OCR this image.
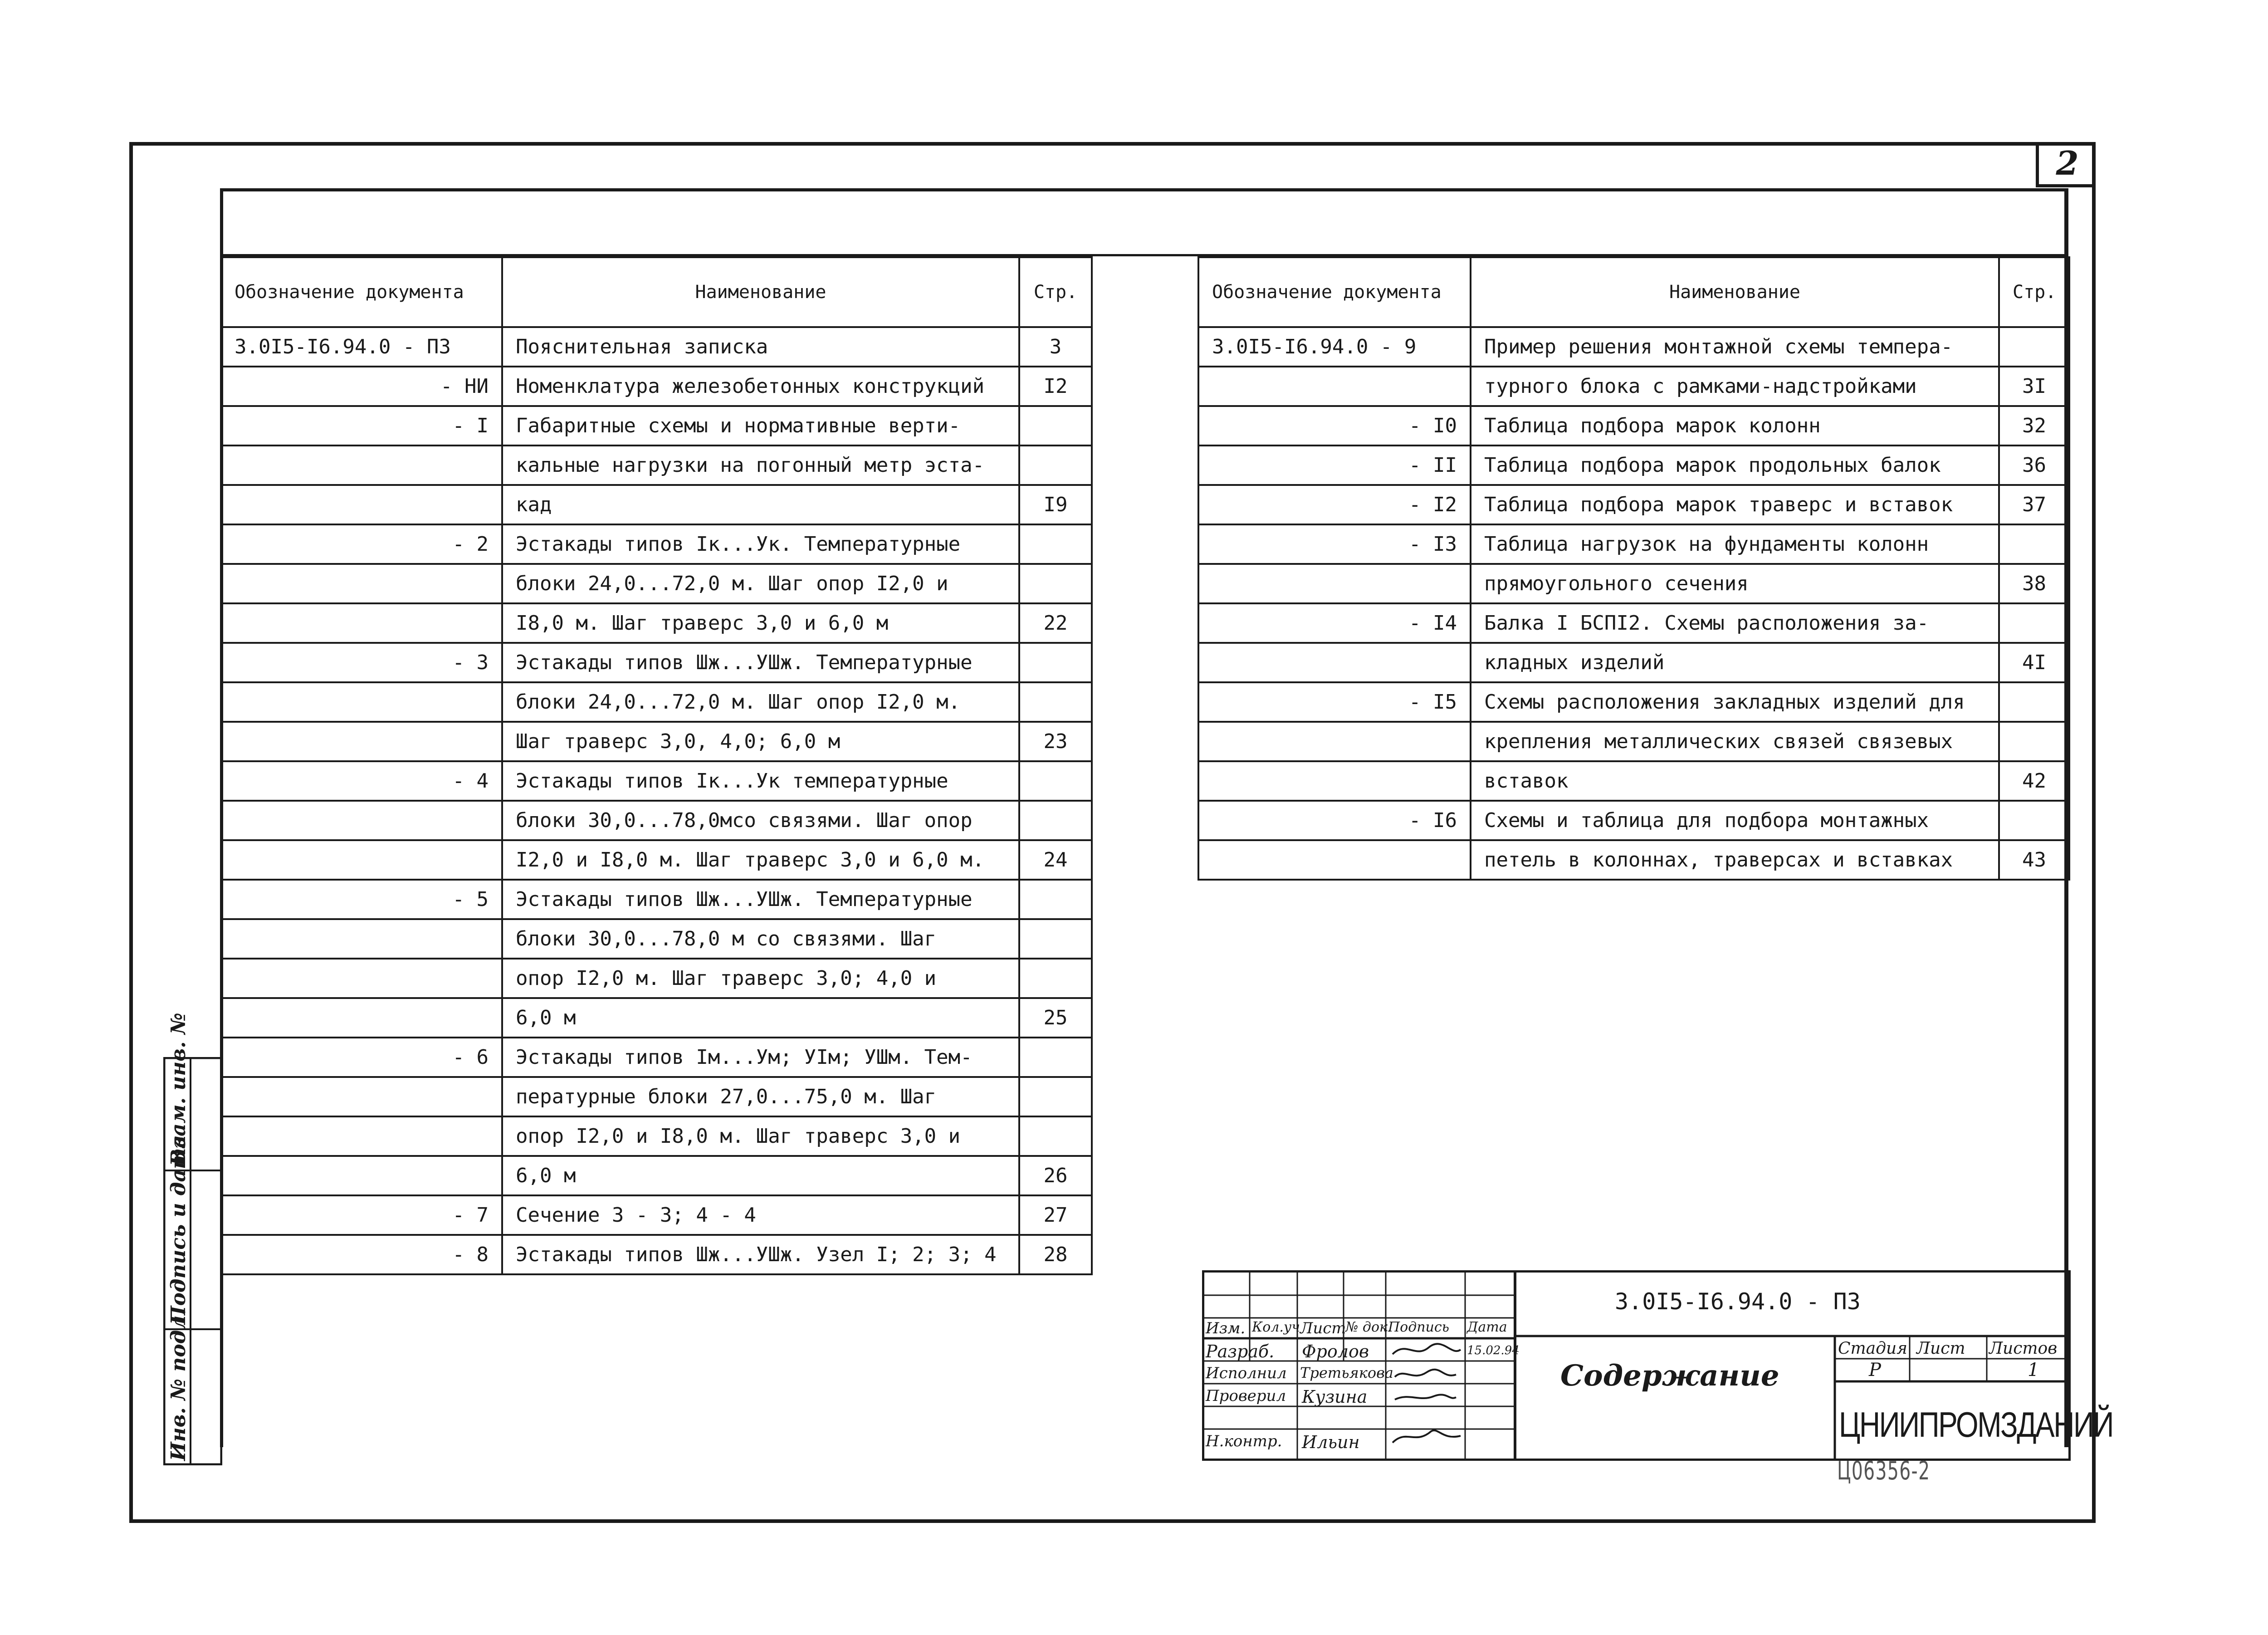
2
Обозначение документа	Наименование	Стр.
3.0I5-I6.94.0 - ПЗ	Пояснительная записка	3
- НИ	Номенклатура железобетонных конструкций	I2
- I	Габаритные схемы и нормативные верти-	
	кальные нагрузки на погонный метр эста-	
	кад	I9
- 2	Эстакады типов Iк...Ук. Температурные	
	блоки 24,0...72,0 м. Шаг опор I2,0 и	
	I8,0 м. Шаг траверс 3,0 и 6,0 м	22
- 3	Эстакады типов Шж...УШж. Температурные	
	блоки 24,0...72,0 м. Шаг опор I2,0 м.	
	Шаг траверс 3,0, 4,0; 6,0 м	23
- 4	Эстакады типов Iк...Ук температурные	
	блоки 30,0...78,0мсо связями. Шаг опор	
	I2,0 и I8,0 м. Шаг траверс 3,0 и 6,0 м.	24
- 5	Эстакады типов Шж...УШж. Температурные	
	блоки 30,0...78,0 м со связями. Шаг	
	опор I2,0 м. Шаг траверс 3,0; 4,0 и	
	6,0 м	25
- 6	Эстакады типов Iм...Ум; УIм; УШм. Тем-	
	пературные блоки 27,0...75,0 м. Шаг	
	опор I2,0 и I8,0 м. Шаг траверс 3,0 и	
	6,0 м	26
- 7	Сечение 3 - 3; 4 - 4	27
- 8	Эстакады типов Шж...УШж. Узел I; 2; 3; 4	28
Обозначение документа	Наименование	Стр.
3.0I5-I6.94.0 - 9	Пример решения монтажной схемы темпера-	
	турного блока с рамками-надстройками	3I
- I0	Таблица подбора марок колонн	32
- II	Таблица подбора марок продольных балок	36
- I2	Таблица подбора марок траверс и вставок	37
- I3	Таблица нагрузок на фундаменты колонн	
	прямоугольного сечения	38
- I4	Балка I БСПI2. Схемы расположения за-	
	кладных изделий	4I
- I5	Схемы расположения закладных изделий для	
	крепления металлических связей связевых	
	вставок	42
- I6	Схемы и таблица для подбора монтажных	
	петель в колоннах, траверсах и вставках	43
Инв. № подл.
Подпись и дата
Взам. инв. №
Изм. Кол.уч Лист
№ док.
Подпись Дата
Разраб. Фролов	15.02.94
Исполнил Третьякова
Проверил Кузина
Н.контр. Ильин
3.0I5-I6.94.0 - ПЗ
Содержание
Стадия Лист Листов
Р	1
ЦНИИПРОМЗДАНИЙ
Ц06356-2
